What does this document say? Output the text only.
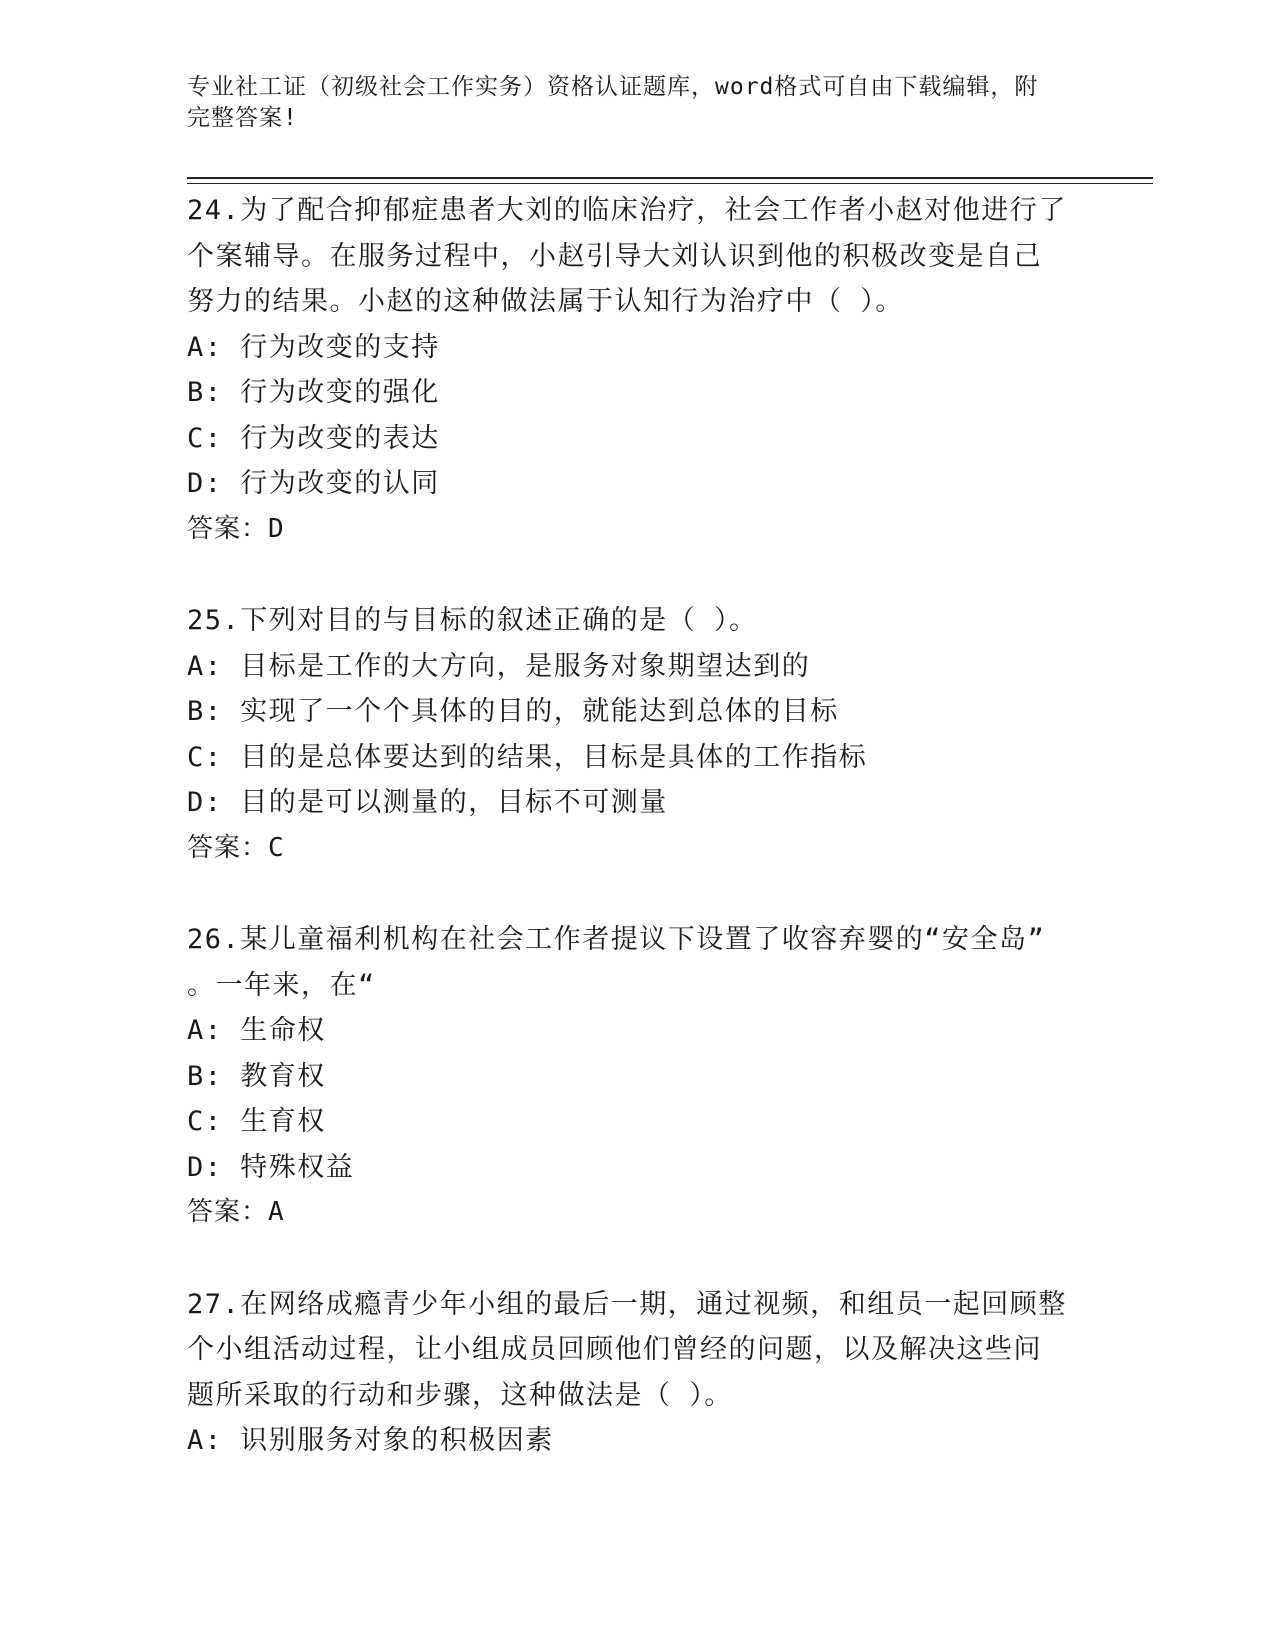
专业社工证（初级社会工作实务）资格认证题库，word格式可自由下载编辑，附
完整答案!
24.为了配合抑郁症患者大刘的临床治疗，社会工作者小赵对他进行了
个案辅导。在服务过程中，小赵引导大刘认识到他的积极改变是自己
努力的结果。小赵的这种做法属于认知行为治疗中（ ）。
A: 行为改变的支持
B: 行为改变的强化
C: 行为改变的表达
D: 行为改变的认同
答案：D
25.下列对目的与目标的叙述正确的是（ ）。
A: 目标是工作的大方向，是服务对象期望达到的
B: 实现了一个个具体的目的，就能达到总体的目标
C: 目的是总体要达到的结果，目标是具体的工作指标
D: 目的是可以测量的，目标不可测量
答案：C
26.某儿童福利机构在社会工作者提议下设置了收容弃婴的“安全岛”
。一年来，在“
A: 生命权
B: 教育权
C: 生育权
D: 特殊权益
答案：A
27.在网络成瘾青少年小组的最后一期，通过视频，和组员一起回顾整
个小组活动过程，让小组成员回顾他们曾经的问题，以及解决这些问
题所采取的行动和步骤，这种做法是（ ）。
A: 识别服务对象的积极因素
